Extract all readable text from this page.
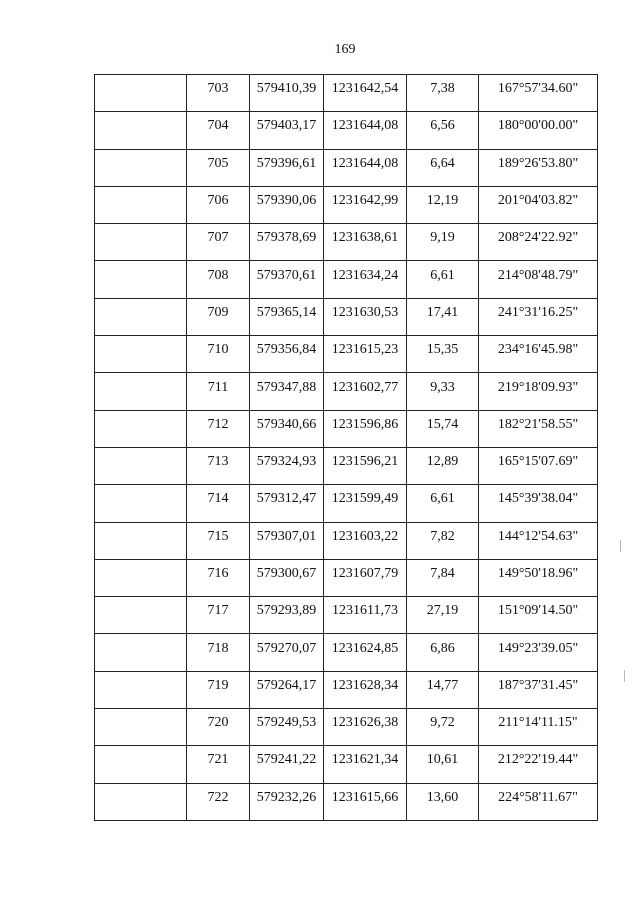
169
	703	579410,39	1231642,54	7,38	167°57'34.60"
	704	579403,17	1231644,08	6,56	180°00'00.00"
	705	579396,61	1231644,08	6,64	189°26'53.80"
	706	579390,06	1231642,99	12,19	201°04'03.82"
	707	579378,69	1231638,61	9,19	208°24'22.92"
	708	579370,61	1231634,24	6,61	214°08'48.79"
	709	579365,14	1231630,53	17,41	241°31'16.25"
	710	579356,84	1231615,23	15,35	234°16'45.98"
	711	579347,88	1231602,77	9,33	219°18'09.93"
	712	579340,66	1231596,86	15,74	182°21'58.55"
	713	579324,93	1231596,21	12,89	165°15'07.69"
	714	579312,47	1231599,49	6,61	145°39'38.04"
	715	579307,01	1231603,22	7,82	144°12'54.63"
	716	579300,67	1231607,79	7,84	149°50'18.96"
	717	579293,89	1231611,73	27,19	151°09'14.50"
	718	579270,07	1231624,85	6,86	149°23'39.05"
	719	579264,17	1231628,34	14,77	187°37'31.45"
	720	579249,53	1231626,38	9,72	211°14'11.15"
	721	579241,22	1231621,34	10,61	212°22'19.44"
	722	579232,26	1231615,66	13,60	224°58'11.67"
